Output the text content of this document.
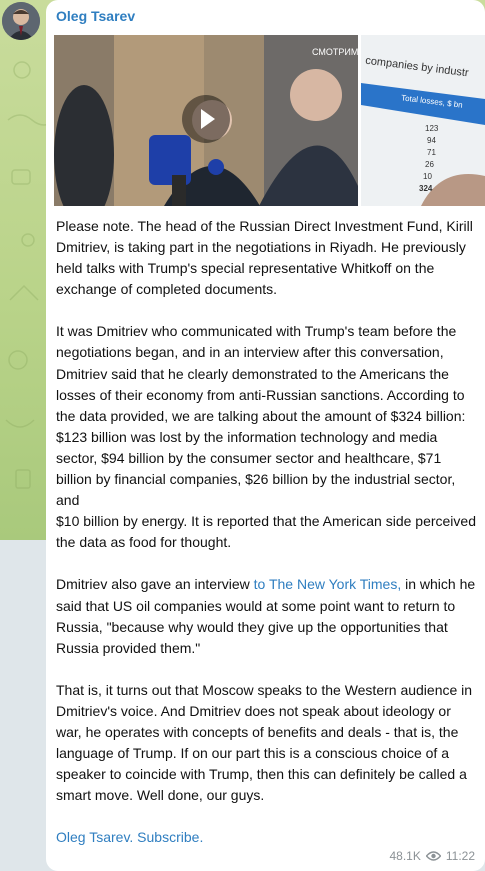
Oleg Tsarev
СМОТРИМ
companies by industr
Total losses, $ bn
123
94
71
26
10
324

Please note. The head of the Russian Direct Investment Fund, Kirill Dmitriev, is taking part in the negotiations in Riyadh. He previously held talks with Trump's special representative Whitkoff on the exchange of completed documents.

It was Dmitriev who communicated with Trump's team before the negotiations began, and in an interview after this conversation, Dmitriev said that he clearly demonstrated to the Americans the losses of their economy from anti-Russian sanctions. According to the data provided, we are talking about the amount of $324 billion: $123 billion was lost by the information technology and media sector, $94 billion by the consumer sector and healthcare, $71 billion by financial companies, $26 billion by the industrial sector, and

$10 billion by energy. It is reported that the American side perceived the data as food for thought.

Dmitriev also gave an interview to The New York Times, in which he said that US oil companies would at some point want to return to Russia, "because why would they give up the opportunities that Russia provided them."

That is, it turns out that Moscow speaks to the Western audience in Dmitriev's voice. And Dmitriev does not speak about ideology or war, he operates with concepts of benefits and deals - that is, the language of Trump. If on our part this is a conscious choice of a speaker to coincide with Trump, then this can definitely be called a smart move. Well done, our guys.

Oleg Tsarev. Subscribe.

48.1K 11:22
